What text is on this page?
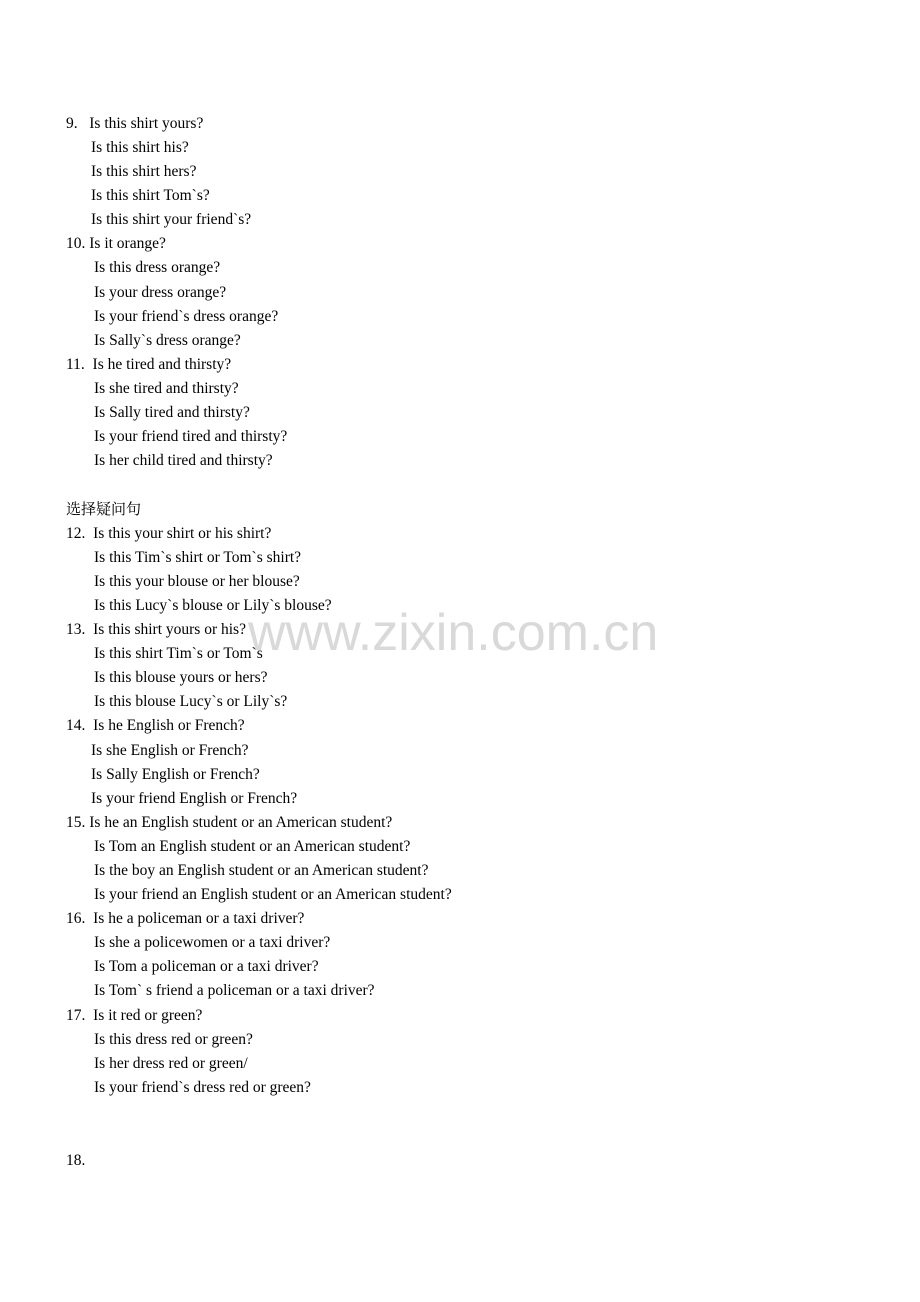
www.zixin.com.cn
9.   Is this shirt yours?
Is this shirt his?
Is this shirt hers?
Is this shirt Tom`s?
Is this shirt your friend`s?
10. Is it orange?
Is this dress orange?
Is your dress orange?
Is your friend`s dress orange?
Is Sally`s dress orange?
11.  Is he tired and thirsty?
Is she tired and thirsty?
Is Sally tired and thirsty?
Is your friend tired and thirsty?
Is her child tired and thirsty?
选择疑问句
12.  Is this your shirt or his shirt?
Is this Tim`s shirt or Tom`s shirt?
Is this your blouse or her blouse?
Is this Lucy`s blouse or Lily`s blouse?
13.  Is this shirt yours or his?
Is this shirt Tim`s or Tom`s
Is this blouse yours or hers?
Is this blouse Lucy`s or Lily`s?
14.  Is he English or French?
Is she English or French?
Is Sally English or French?
Is your friend English or French?
15. Is he an English student or an American student?
Is Tom an English student or an American student?
Is the boy an English student or an American student?
Is your friend an English student or an American student?
16.  Is he a policeman or a taxi driver?
Is she a policewomen or a taxi driver?
Is Tom a policeman or a taxi driver?
Is Tom` s friend a policeman or a taxi driver?
17.  Is it red or green?
Is this dress red or green?
Is her dress red or green/
Is your friend`s dress red or green?
18.
